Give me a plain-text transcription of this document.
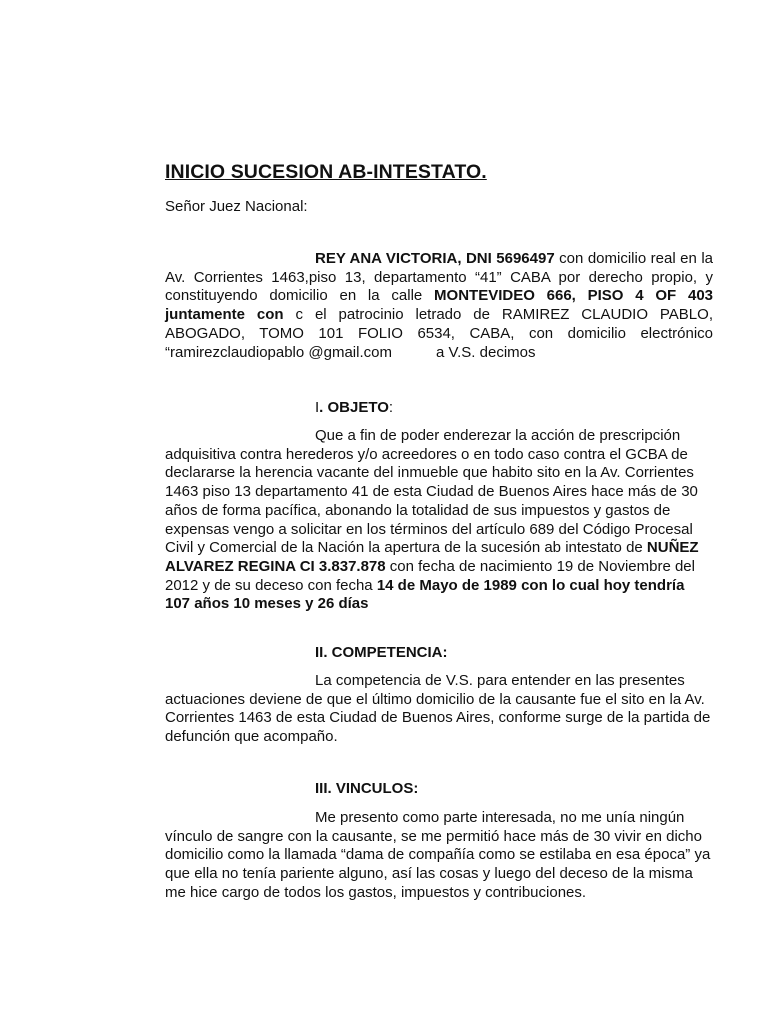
INICIO SUCESION AB-INTESTATO.
Señor Juez Nacional:

REY ANA VICTORIA, DNI 5696497 con domicilio real en la Av. Corrientes 1463,piso 13, departamento “41” CABA por derecho propio, y constituyendo domicilio en la calle MONTEVIDEO 666, PISO 4 OF 403 juntamente con c el patrocinio letrado de RAMIREZ CLAUDIO PABLO, ABOGADO, TOMO 101 FOLIO 6534, CABA, con domicilio electrónico “ramirezclaudiopablo @gmail.com	a V.S. decimos

I. OBJETO:

Que a fin de poder enderezar la acción de prescripción adquisitiva contra herederos y/o acreedores o en todo caso contra el GCBA de declararse la herencia vacante del inmueble que habito sito en la Av. Corrientes 1463 piso 13 departamento 41 de esta Ciudad de Buenos Aires hace más de 30 años de forma pacífica, abonando la totalidad de sus impuestos y gastos de expensas vengo a solicitar en los términos del artículo 689 del Código Procesal Civil y Comercial de la Nación la apertura de la sucesión ab intestato de NUÑEZ ALVAREZ REGINA CI 3.837.878 con fecha de nacimiento 19 de Noviembre del 2012 y de su deceso con fecha 14 de Mayo de 1989 con lo cual hoy tendría 107 años 10 meses y 26 días

II. COMPETENCIA:

La competencia de V.S. para entender en las presentes actuaciones deviene de que el último domicilio de la causante fue el sito en la Av. Corrientes 1463 de esta Ciudad de Buenos Aires, conforme surge de la partida de defunción que acompaño.

III. VINCULOS:

Me presento como parte interesada, no me unía ningún vínculo de sangre con la causante, se me permitió hace más de 30 vivir en dicho domicilio como la llamada “dama de compañía como se estilaba en esa época” ya que ella no tenía pariente alguno, así las cosas y luego del deceso de la misma me hice cargo de todos los gastos, impuestos y contribuciones.
